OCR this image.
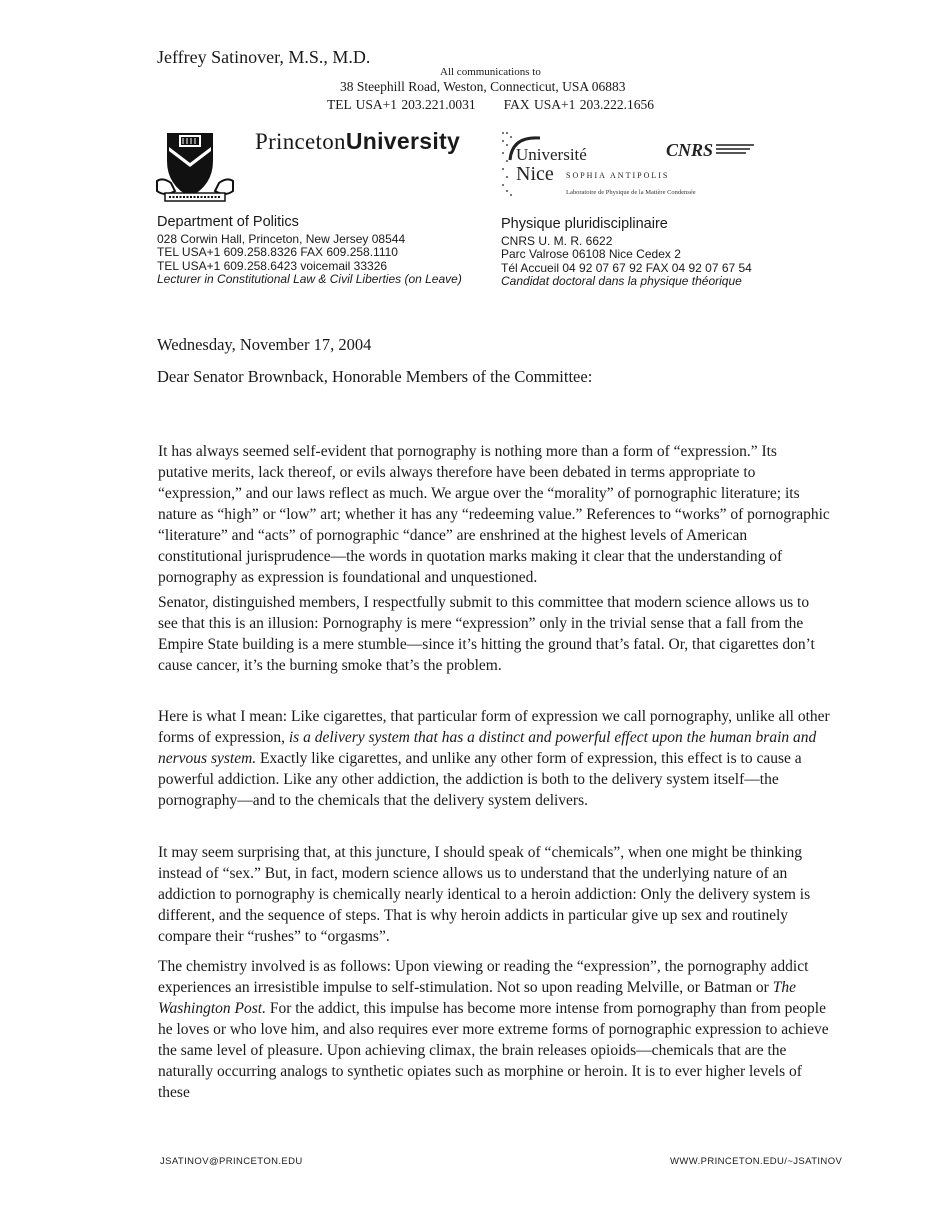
Jeffrey Satinover, M.S., M.D.
All communications to
38 Steephill Road, Weston, Connecticut, USA 06883
TEL USA+1 203.221.0031 FAX USA+1 203.222.1656
PrincetonUniversity
Université
Nice SOPHIA ANTIPOLIS
Laboratoire de Physique de la Matière Condensée
CNRS
Department of Politics
028 Corwin Hall, Princeton, New Jersey 08544
TEL USA+1 609.258.8326 FAX 609.258.1110
TEL USA+1 609.258.6423 voicemail 33326
Lecturer in Constitutional Law & Civil Liberties (on Leave)
Physique pluridisciplinaire
CNRS U. M. R. 6622
Parc Valrose 06108 Nice Cedex 2
Tél Accueil 04 92 07 67 92 FAX 04 92 07 67 54
Candidat doctoral dans la physique théorique
Wednesday, November 17, 2004
Dear Senator Brownback, Honorable Members of the Committee:

It has always seemed self-evident that pornography is nothing more than a form of “expression.” Its putative merits, lack thereof, or evils always therefore have been debated in terms appropriate to “expression,” and our laws reflect as much. We argue over the “morality” of pornographic literature; its nature as “high” or “low” art; whether it has any “redeeming value.” References to “works” of pornographic “literature” and “acts” of pornographic “dance” are enshrined at the highest levels of American constitutional jurisprudence—the words in quotation marks making it clear that the understanding of pornography as expression is foundational and unquestioned.

Senator, distinguished members, I respectfully submit to this committee that modern science allows us to see that this is an illusion: Pornography is mere “expression” only in the trivial sense that a fall from the Empire State building is a mere stumble—since it’s hitting the ground that’s fatal. Or, that cigarettes don’t cause cancer, it’s the burning smoke that’s the problem.

Here is what I mean: Like cigarettes, that particular form of expression we call pornography, unlike all other forms of expression, is a delivery system that has a distinct and powerful effect upon the human brain and nervous system. Exactly like cigarettes, and unlike any other form of expression, this effect is to cause a powerful addiction. Like any other addiction, the addiction is both to the delivery system itself—the pornography—and to the chemicals that the delivery system delivers.

It may seem surprising that, at this juncture, I should speak of “chemicals”, when one might be thinking instead of “sex.” But, in fact, modern science allows us to understand that the underlying nature of an addiction to pornography is chemically nearly identical to a heroin addiction: Only the delivery system is different, and the sequence of steps. That is why heroin addicts in particular give up sex and routinely compare their “rushes” to “orgasms”.

The chemistry involved is as follows: Upon viewing or reading the “expression”, the pornography addict experiences an irresistible impulse to self-stimulation. Not so upon reading Melville, or Batman or The Washington Post. For the addict, this impulse has become more intense from pornography than from people he loves or who love him, and also requires ever more extreme forms of pornographic expression to achieve the same level of pleasure. Upon achieving climax, the brain releases opioids—chemicals that are the naturally occurring analogs to synthetic opiates such as morphine or heroin. It is to ever higher levels of these

JSATINOV@PRINCETON.EDU	WWW.PRINCETON.EDU/~JSATINOV
